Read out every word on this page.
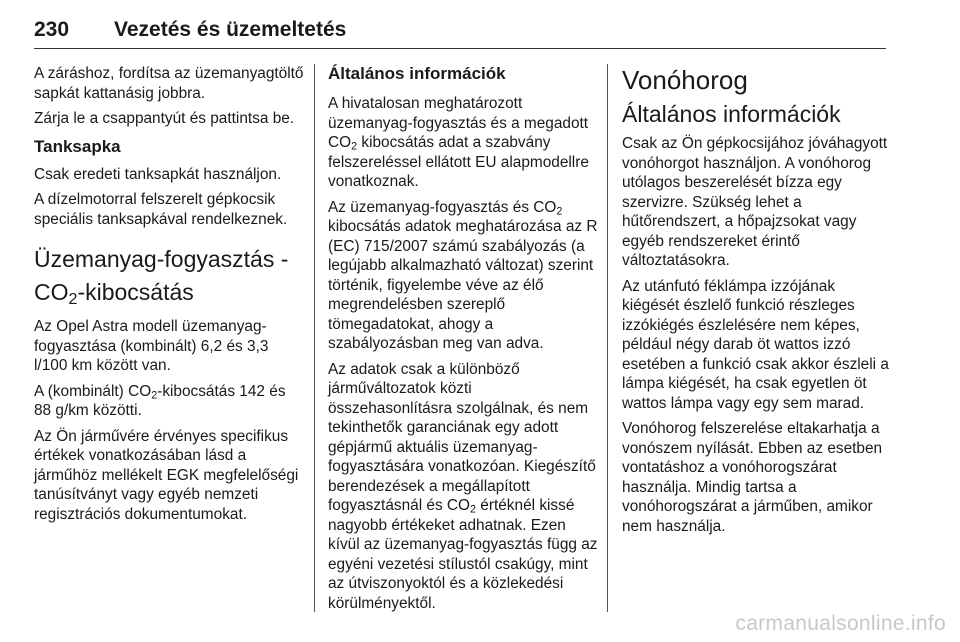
230 Vezetés és üzemeltetés

A záráshoz, fordítsa az üzemanyagtöltő sapkát kattanásig jobbra.

Zárja le a csappantyút és pattintsa be.

Tanksapka

Csak eredeti tanksapkát használjon.

A dízelmotorral felszerelt gépkocsik speciális tanksapkával rendelkeznek.

Üzemanyag-fogyasztás -
$CO_2$-kibocsátás

Az Opel Astra modell üzemanyag-fogyasztása (kombinált) 6,2 és 3,3 l/100 km között van.

A (kombinált) $CO_2$-kibocsátás 142 és 88 g/km közötti.

Az Ön járművére érvényes specifikus értékek vonatkozásában lásd a járműhöz mellékelt EGK megfelelőségi tanúsítványt vagy egyéb nemzeti regisztrációs dokumentumokat.

Általános információk

A hivatalosan meghatározott üzemanyag-fogyasztás és a megadott $CO_2$ kibocsátás adat a szabvány felszereléssel ellátott EU alapmodellre vonatkoznak.

Az üzemanyag-fogyasztás és $CO_2$ kibocsátás adatok meghatározása az R (EC) 715/2007 számú szabályozás (a legújabb alkalmazható változat) szerint történik, figyelembe véve az élő megrendelésben szereplő tömegadatokat, ahogy a szabályozásban meg van adva.

Az adatok csak a különböző járműváltozatok közti összehasonlításra szolgálnak, és nem tekinthetők garanciának egy adott gépjármű aktuális üzemanyag-fogyasztására vonatkozóan. Kiegészítő berendezések a megállapított fogyasztásnál és $CO_2$ értéknél kissé nagyobb értékeket adhatnak. Ezen kívül az üzemanyag-fogyasztás függ az egyéni vezetési stílustól csakúgy, mint az útviszonyoktól és a közlekedési körülményektől.

Vonóhorog
Általános információk

Csak az Ön gépkocsijához jóváhagyott vonóhorgot használjon. A vonóhorog utólagos beszerelését bízza egy szervizre. Szükség lehet a hűtőrendszert, a hőpajzsokat vagy egyéb rendszereket érintő változtatásokra.

Az utánfutó féklámpa izzójának kiégését észlelő funkció részleges izzókiégés észlelésére nem képes, például négy darab öt wattos izzó esetében a funkció csak akkor észleli a lámpa kiégését, ha csak egyetlen öt wattos lámpa vagy egy sem marad.

Vonóhorog felszerelése eltakarhatja a vonószem nyílását. Ebben az esetben vontatáshoz a vonóhorogszárat használja. Mindig tartsa a vonóhorogszárat a járműben, amikor nem használja.

carmanualsonline.info
